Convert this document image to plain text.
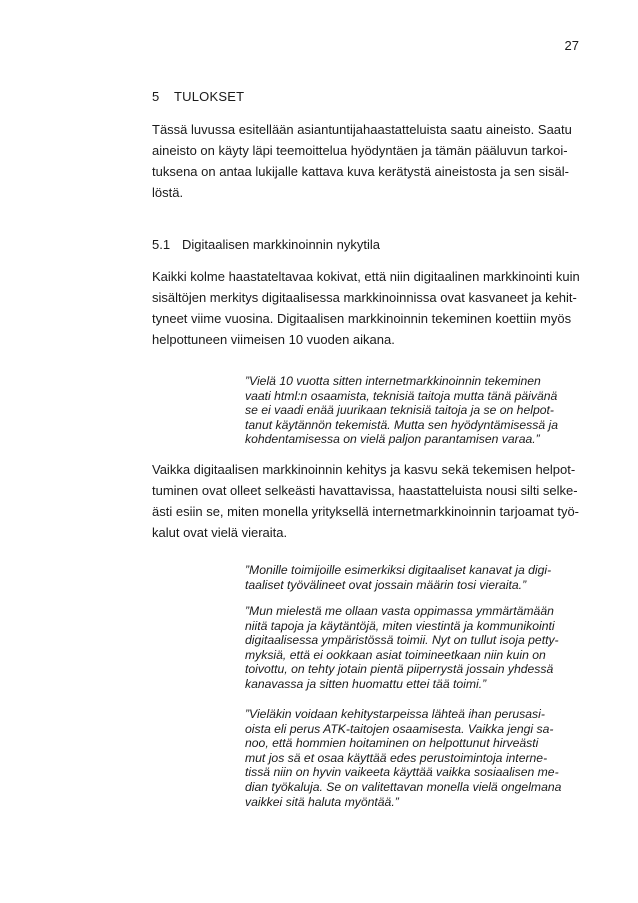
27
5 TULOKSET
Tässä luvussa esitellään asiantuntijahaastatteluista saatu aineisto. Saatu
aineisto on käyty läpi teemoittelua hyödyntäen ja tämän pääluvun tarkoi-
tuksena on antaa lukijalle kattava kuva kerätystä aineistosta ja sen sisäl-
löstä.
5.1 Digitaalisen markkinoinnin nykytila
Kaikki kolme haastateltavaa kokivat, että niin digitaalinen markkinointi kuin
sisältöjen merkitys digitaalisessa markkinoinnissa ovat kasvaneet ja kehit-
tyneet viime vuosina. Digitaalisen markkinoinnin tekeminen koettiin myös
helpottuneen viimeisen 10 vuoden aikana.
”Vielä 10 vuotta sitten internetmarkkinoinnin tekeminen
vaati html:n osaamista, teknisiä taitoja mutta tänä päivänä
se ei vaadi enää juurikaan teknisiä taitoja ja se on helpot-
tanut käytännön tekemistä. Mutta sen hyödyntämisessä ja
kohdentamisessa on vielä paljon parantamisen varaa.”
Vaikka digitaalisen markkinoinnin kehitys ja kasvu sekä tekemisen helpot-
tuminen ovat olleet selkeästi havattavissa, haastatteluista nousi silti selke-
ästi esiin se, miten monella yrityksellä internetmarkkinoinnin tarjoamat työ-
kalut ovat vielä vieraita.
”Monille toimijoille esimerkiksi digitaaliset kanavat ja digi-
taaliset työvälineet ovat jossain määrin tosi vieraita.”
”Mun mielestä me ollaan vasta oppimassa ymmärtämään
niitä tapoja ja käytäntöjä, miten viestintä ja kommunikointi
digitaalisessa ympäristössä toimii. Nyt on tullut isoja petty-
myksiä, että ei ookkaan asiat toimineetkaan niin kuin on
toivottu, on tehty jotain pientä piiperrystä jossain yhdessä
kanavassa ja sitten huomattu ettei tää toimi.”
”Vieläkin voidaan kehitystarpeissa lähteä ihan perusasi-
oista eli perus ATK-taitojen osaamisesta. Vaikka jengi sa-
noo, että hommien hoitaminen on helpottunut hirveästi
mut jos sä et osaa käyttää edes perustoimintoja interne-
tissä niin on hyvin vaikeeta käyttää vaikka sosiaalisen me-
dian työkaluja. Se on valitettavan monella vielä ongelmana
vaikkei sitä haluta myöntää.”
